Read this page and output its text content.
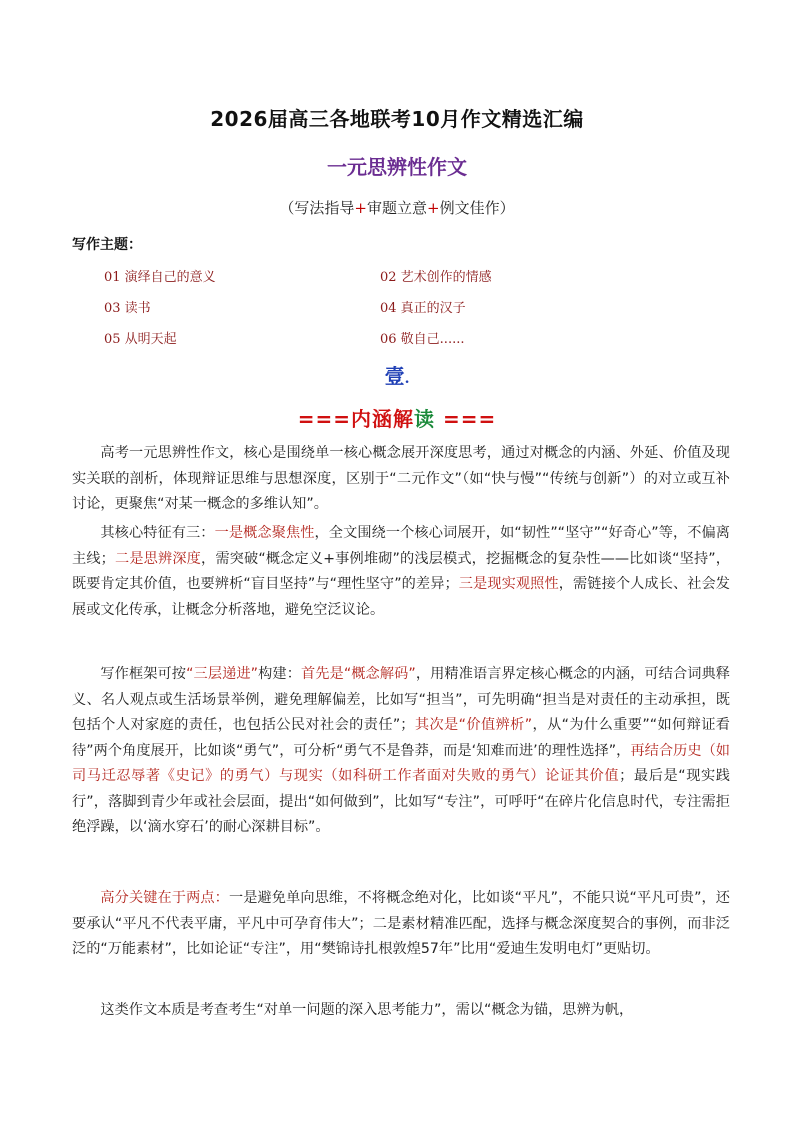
2026届高三各地联考10月作文精选汇编
一元思辨性作文
（写法指导+审题立意+例文佳作）
写作主题：
01 演绎自己的意义	02 艺术创作的情感
03 读书	04 真正的汉子
05 从明天起	06 敬自己......
壹.
===内涵解读 ===

高考一元思辨性作文，核心是围绕单一核心概念展开深度思考，通过对概念的内涵、外延、价值及现实关联的剖析，体现辩证思维与思想深度，区别于“二元作文”（如“快与慢”“传统与创新”）的对立或互补讨论，更聚焦“对某一概念的多维认知”。

其核心特征有三：一是概念聚焦性，全文围绕一个核心词展开，如“韧性”“坚守”“好奇心”等，不偏离主线；二是思辨深度，需突破“概念定义+事例堆砌”的浅层模式，挖掘概念的复杂性——比如谈“坚持”，既要肯定其价值，也要辨析“盲目坚持”与“理性坚守”的差异；三是现实观照性，需链接个人成长、社会发展或文化传承，让概念分析落地，避免空泛议论。

写作框架可按“三层递进”构建：首先是“概念解码”，用精准语言界定核心概念的内涵，可结合词典释义、名人观点或生活场景举例，避免理解偏差，比如写“担当”，可先明确“担当是对责任的主动承担，既包括个人对家庭的责任，也包括公民对社会的责任”；其次是“价值辨析”，从“为什么重要”“如何辩证看待”两个角度展开，比如谈“勇气”，可分析“勇气不是鲁莽，而是‘知难而进’的理性选择”，再结合历史（如司马迁忍辱著《史记》的勇气）与现实（如科研工作者面对失败的勇气）论证其价值；最后是“现实践行”，落脚到青少年或社会层面，提出“如何做到”，比如写“专注”，可呼吁“在碎片化信息时代，专注需拒绝浮躁，以‘滴水穿石’的耐心深耕目标”。

高分关键在于两点：一是避免单向思维，不将概念绝对化，比如谈“平凡”，不能只说“平凡可贵”，还要承认“平凡不代表平庸，平凡中可孕育伟大”；二是素材精准匹配，选择与概念深度契合的事例，而非泛泛的“万能素材”，比如论证“专注”，用“樊锦诗扎根敦煌57年”比用“爱迪生发明电灯”更贴切。

这类作文本质是考查考生“对单一问题的深入思考能力”，需以“概念为锚，思辨为帆，
